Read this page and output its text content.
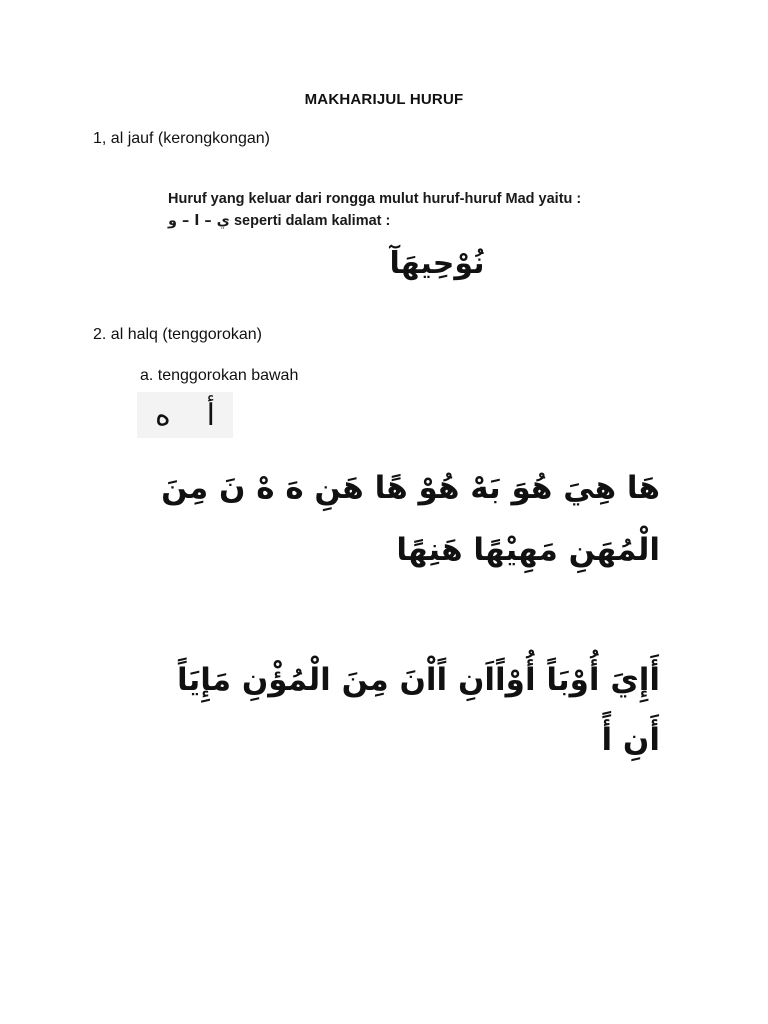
MAKHARIJUL HURUF
1, al jauf (kerongkongan)
Huruf yang keluar dari rongga mulut huruf-huruf Mad yaitu :
ي – ا – و seperti dalam kalimat :
نُوْحِيهَآ
2. al halq (tenggorokan)
a. tenggorokan bawah
أ
ه
هَا هِيَ هُوَ بَهْ هُوْ هًا هَنِ هَ هْ نَ مِنَ
الْمُهَنِ مَهِيْهًا هَنِهًا
أَإِيَ أُوْبَاً أُوْاًاَنِ اًاْنَ مِنَ الْمُؤْنِ مَإِيَاً
أَنِ أً
